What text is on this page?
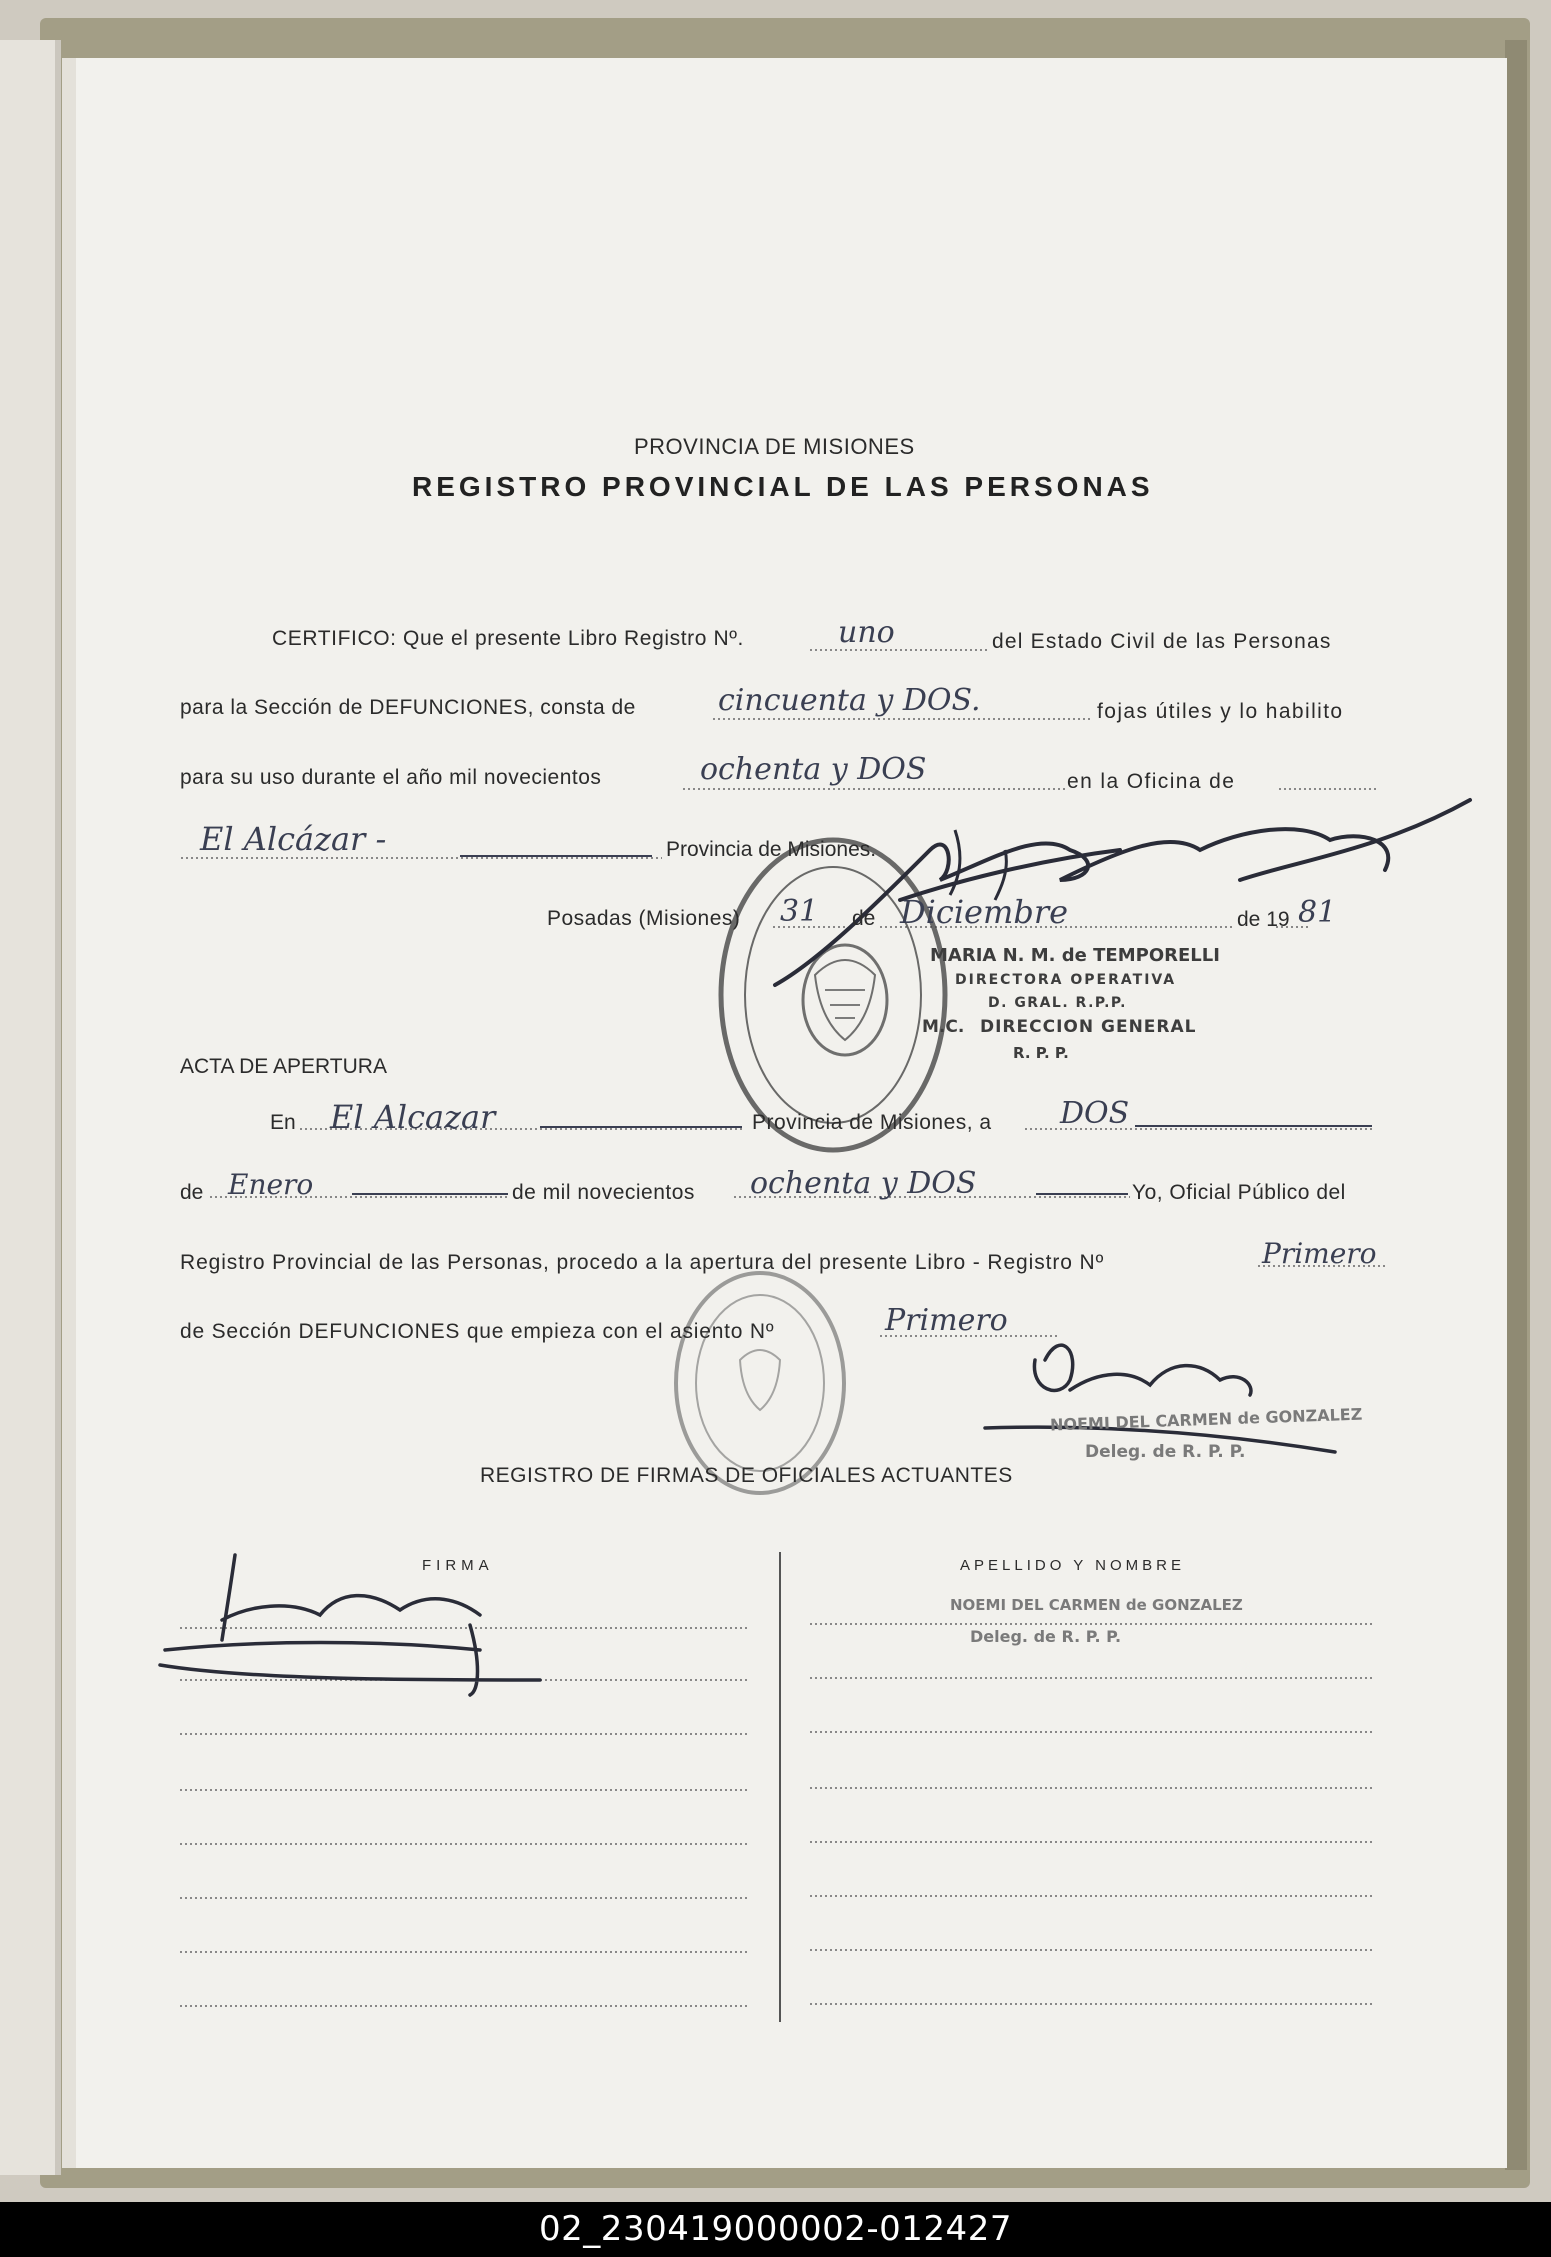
PROVINCIA DE MISIONES
REGISTRO PROVINCIAL DE LAS PERSONAS
CERTIFICO: Que el presente Libro Registro Nº.	uno	del Estado Civil de las Personas
para la Sección de DEFUNCIONES, consta de	cincuenta y DOS.	fojas útiles y lo habilito
para su uso durante el año mil novecientos	ochenta y DOS	en la Oficina de
El Alcázar -	Provincia de Misiones.
Posadas (Misiones) 31 de Diciembre	de 19 81
MARIA N. M. de TEMPORELLI
DIRECTORA OPERATIVA
D. GRAL. R.P.P.
M.C. DIRECCION GENERAL
R. P. P.
ACTA DE APERTURA
En El Alcazar	Provincia de Misiones, a DOS
de Enero	de mil novecientos ochenta y DOS	Yo, Oficial Público del
Registro Provincial de las Personas, procedo a la apertura del presente Libro - Registro Nº	Primero
de Sección DEFUNCIONES que empieza con el asiento Nº	Primero
NOEMI DEL CARMEN de GONZALEZ
Deleg. de R. P. P.
REGISTRO DE FIRMAS DE OFICIALES ACTUANTES
FIRMA	APELLIDO Y NOMBRE
NOEMI DEL CARMEN de GONZALEZ
Deleg. de R. P. P.
02_230419000002-012427
